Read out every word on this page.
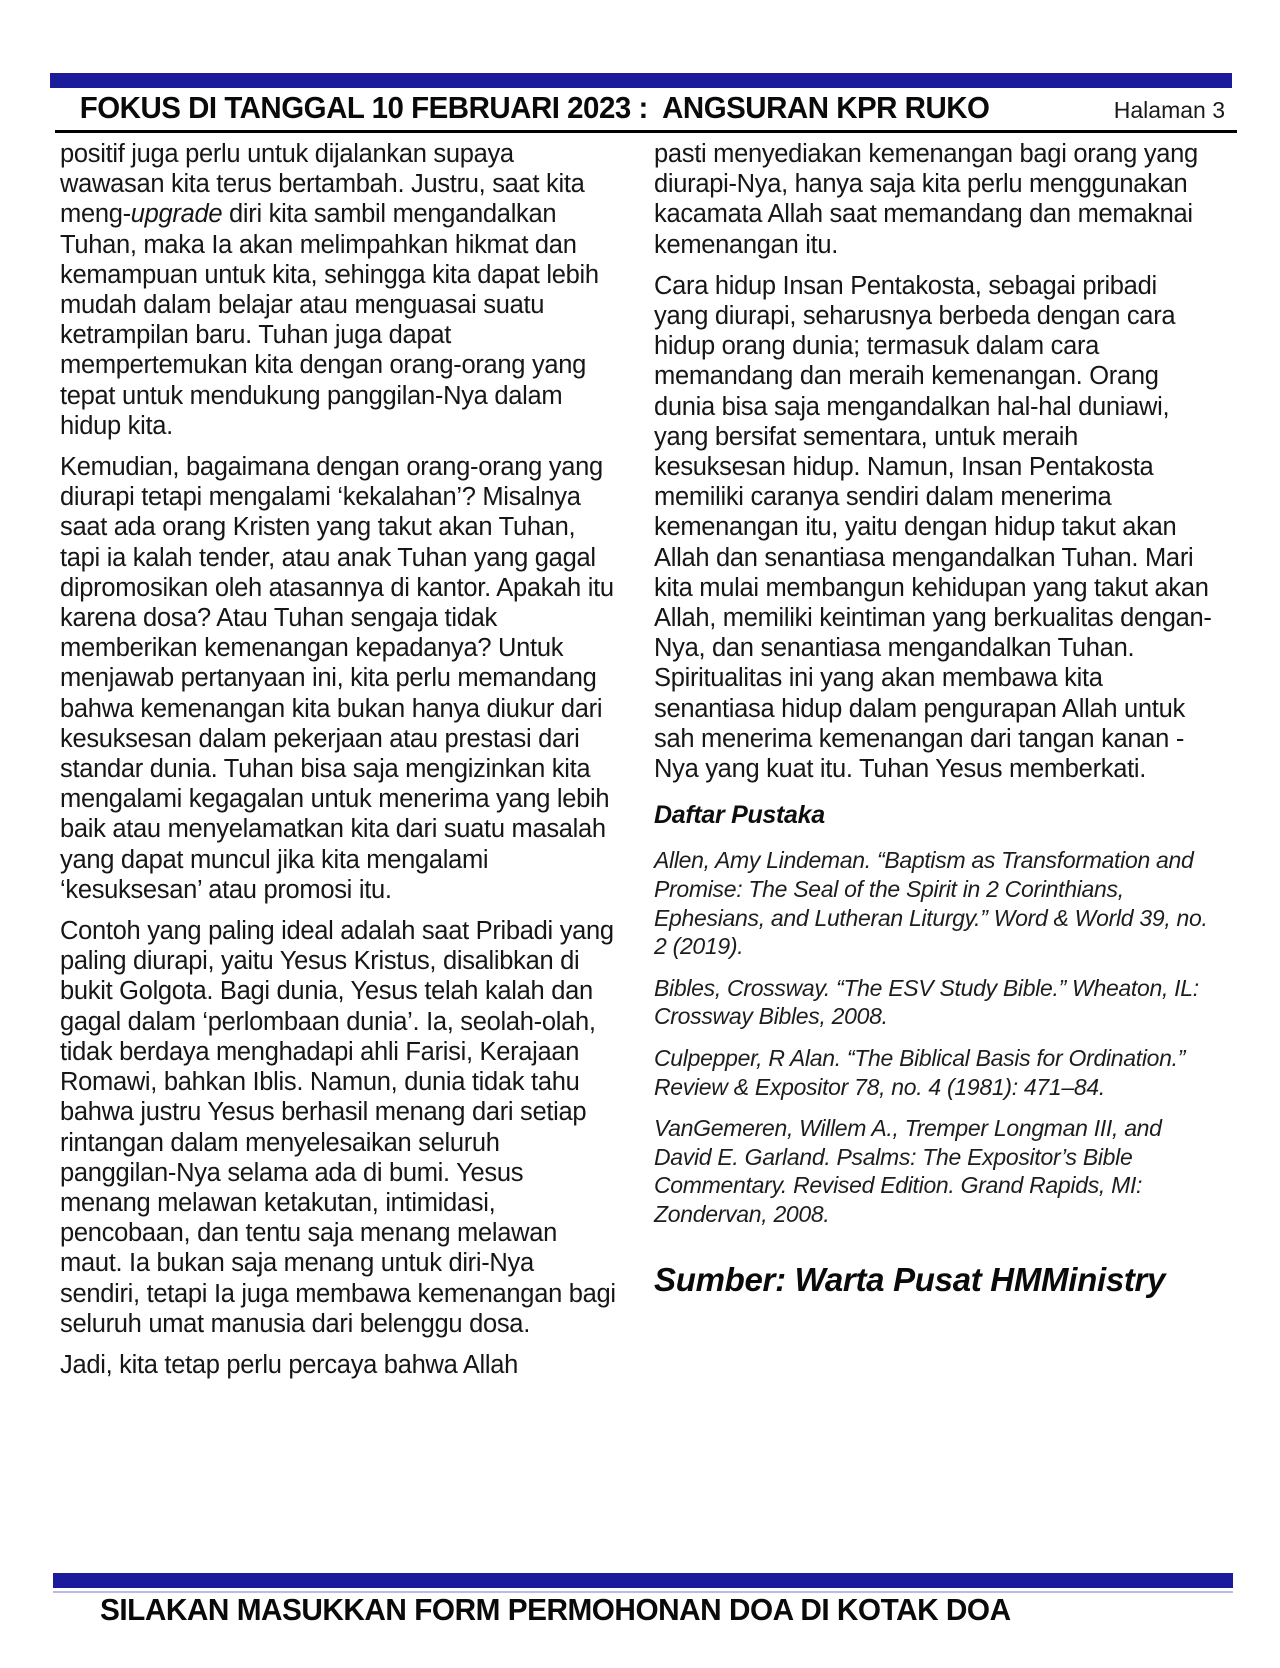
FOKUS DI TANGGAL 10 FEBRUARI 2023 :  ANGSURAN KPR RUKO	Halaman 3

positif juga perlu untuk dijalankan supaya wawasan kita terus bertambah. Justru, saat kita meng-upgrade diri kita sambil mengandalkan Tuhan, maka Ia akan melimpahkan hikmat dan kemampuan untuk kita, sehingga kita dapat lebih mudah dalam belajar atau menguasai suatu ketrampilan baru. Tuhan juga dapat mempertemukan kita dengan orang-orang yang tepat untuk mendukung panggilan-Nya dalam hidup kita.

Kemudian, bagaimana dengan orang-orang yang diurapi tetapi mengalami ‘kekalahan’? Misalnya saat ada orang Kristen yang takut akan Tuhan, tapi ia kalah tender, atau anak Tuhan yang gagal dipromosikan oleh atasannya di kantor. Apakah itu karena dosa? Atau Tuhan sengaja tidak memberikan kemenangan kepadanya? Untuk menjawab pertanyaan ini, kita perlu memandang bahwa kemenangan kita bukan hanya diukur dari kesuksesan dalam pekerjaan atau prestasi dari standar dunia. Tuhan bisa saja mengizinkan kita mengalami kegagalan untuk menerima yang lebih baik atau menyelamatkan kita dari suatu masalah yang dapat muncul jika kita mengalami ‘kesuksesan’ atau promosi itu.

Contoh yang paling ideal adalah saat Pribadi yang paling diurapi, yaitu Yesus Kristus, disalibkan di bukit Golgota. Bagi dunia, Yesus telah kalah dan gagal dalam ‘perlombaan dunia’. Ia, seolah-olah, tidak berdaya menghadapi ahli Farisi, Kerajaan Romawi, bahkan Iblis. Namun, dunia tidak tahu bahwa justru Yesus berhasil menang dari setiap rintangan dalam menyelesaikan seluruh panggilan-Nya selama ada di bumi. Yesus menang melawan ketakutan, intimidasi, pencobaan, dan tentu saja menang melawan maut. Ia bukan saja menang untuk diri-Nya sendiri, tetapi Ia juga membawa kemenangan bagi seluruh umat manusia dari belenggu dosa.

Jadi, kita tetap perlu percaya bahwa Allah

pasti menyediakan kemenangan bagi orang yang diurapi-Nya, hanya saja kita perlu menggunakan kacamata Allah saat memandang dan memaknai kemenangan itu.

Cara hidup Insan Pentakosta, sebagai pribadi yang diurapi, seharusnya berbeda dengan cara hidup orang dunia; termasuk dalam cara memandang dan meraih kemenangan. Orang dunia bisa saja mengandalkan hal-hal duniawi, yang bersifat sementara, untuk meraih kesuksesan hidup. Namun, Insan Pentakosta memiliki caranya sendiri dalam menerima kemenangan itu, yaitu dengan hidup takut akan Allah dan senantiasa mengandalkan Tuhan. Mari kita mulai membangun kehidupan yang takut akan Allah, memiliki keintiman yang berkualitas dengan-Nya, dan senantiasa mengandalkan Tuhan. Spiritualitas ini yang akan membawa kita senantiasa hidup dalam pengurapan Allah untuk sah menerima kemenangan dari tangan kanan -Nya yang kuat itu. Tuhan Yesus memberkati.

Daftar Pustaka

Allen, Amy Lindeman. “Baptism as Transformation and Promise: The Seal of the Spirit in 2 Corinthians, Ephesians, and Lutheran Liturgy.” Word & World 39, no. 2 (2019).

Bibles, Crossway. “The ESV Study Bible.” Wheaton, IL: Crossway Bibles, 2008.

Culpepper, R Alan. “The Biblical Basis for Ordination.” Review & Expositor 78, no. 4 (1981): 471–84.

VanGemeren, Willem A., Tremper Longman III, and David E. Garland. Psalms: The Expositor’s Bible Commentary. Revised Edition. Grand Rapids, MI: Zondervan, 2008.

Sumber: Warta Pusat HMMinistry

SILAKAN MASUKKAN FORM PERMOHONAN DOA DI KOTAK DOA
